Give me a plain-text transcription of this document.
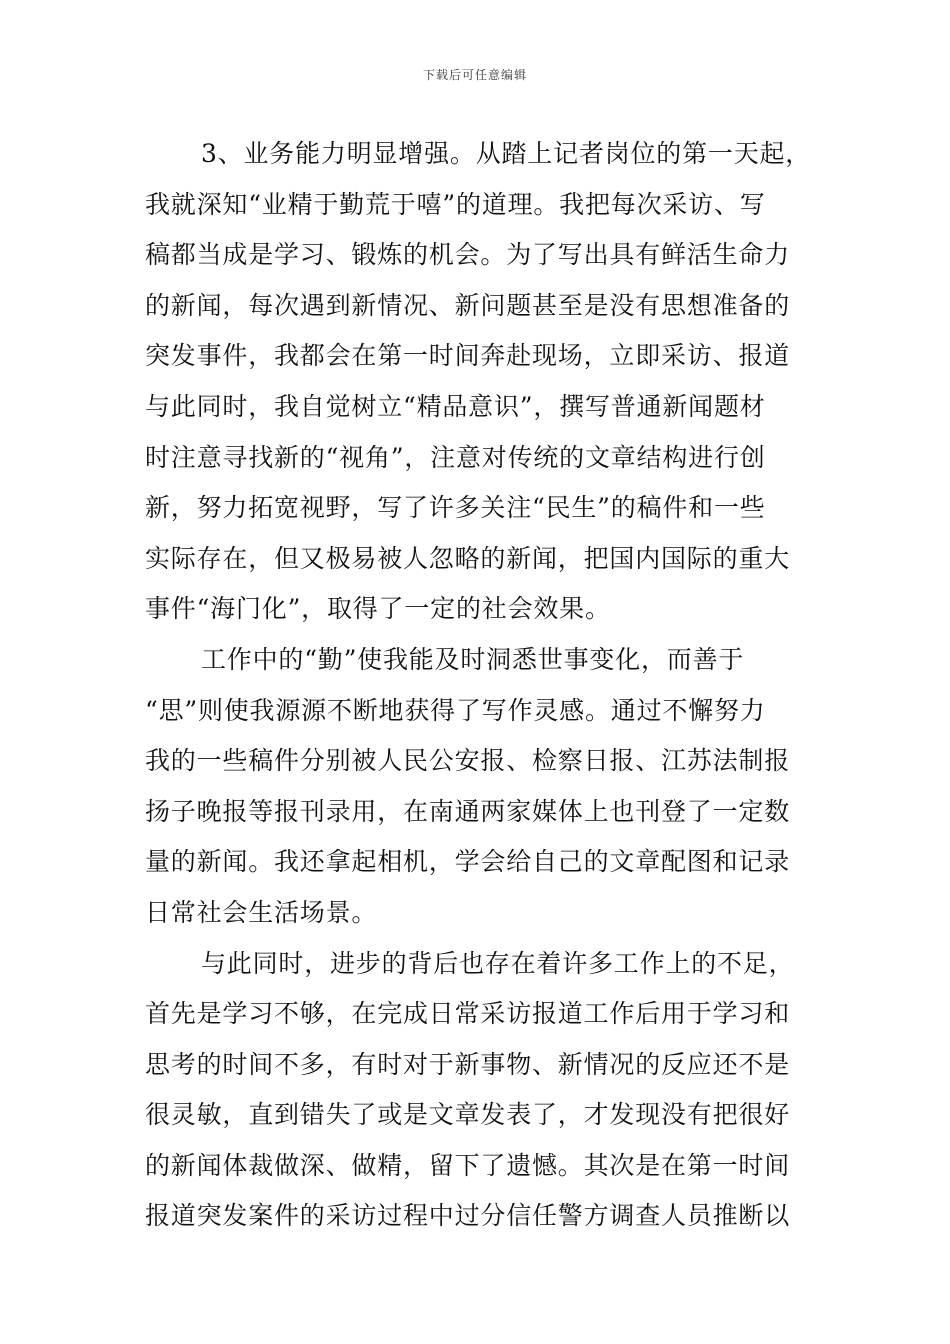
下载后可任意编辑
3、业务能力明显增强。从踏上记者岗位的第一天起，
我就深知“业精于勤荒于嘻”的道理。我把每次采访、写
稿都当成是学习、锻炼的机会。为了写出具有鲜活生命力
的新闻，每次遇到新情况、新问题甚至是没有思想准备的
突发事件，我都会在第一时间奔赴现场，立即采访、报道
与此同时，我自觉树立“精品意识”，撰写普通新闻题材
时注意寻找新的“视角”，注意对传统的文章结构进行创
新，努力拓宽视野，写了许多关注“民生”的稿件和一些
实际存在，但又极易被人忽略的新闻，把国内国际的重大
事件“海门化”，取得了一定的社会效果。
工作中的“勤”使我能及时洞悉世事变化，而善于
“思”则使我源源不断地获得了写作灵感。通过不懈努力
我的一些稿件分别被人民公安报、检察日报、江苏法制报
扬子晚报等报刊录用，在南通两家媒体上也刊登了一定数
量的新闻。我还拿起相机，学会给自己的文章配图和记录
日常社会生活场景。
与此同时，进步的背后也存在着许多工作上的不足，
首先是学习不够，在完成日常采访报道工作后用于学习和
思考的时间不多，有时对于新事物、新情况的反应还不是
很灵敏，直到错失了或是文章发表了，才发现没有把很好
的新闻体裁做深、做精，留下了遗憾。其次是在第一时间
报道突发案件的采访过程中过分信任警方调查人员推断以
